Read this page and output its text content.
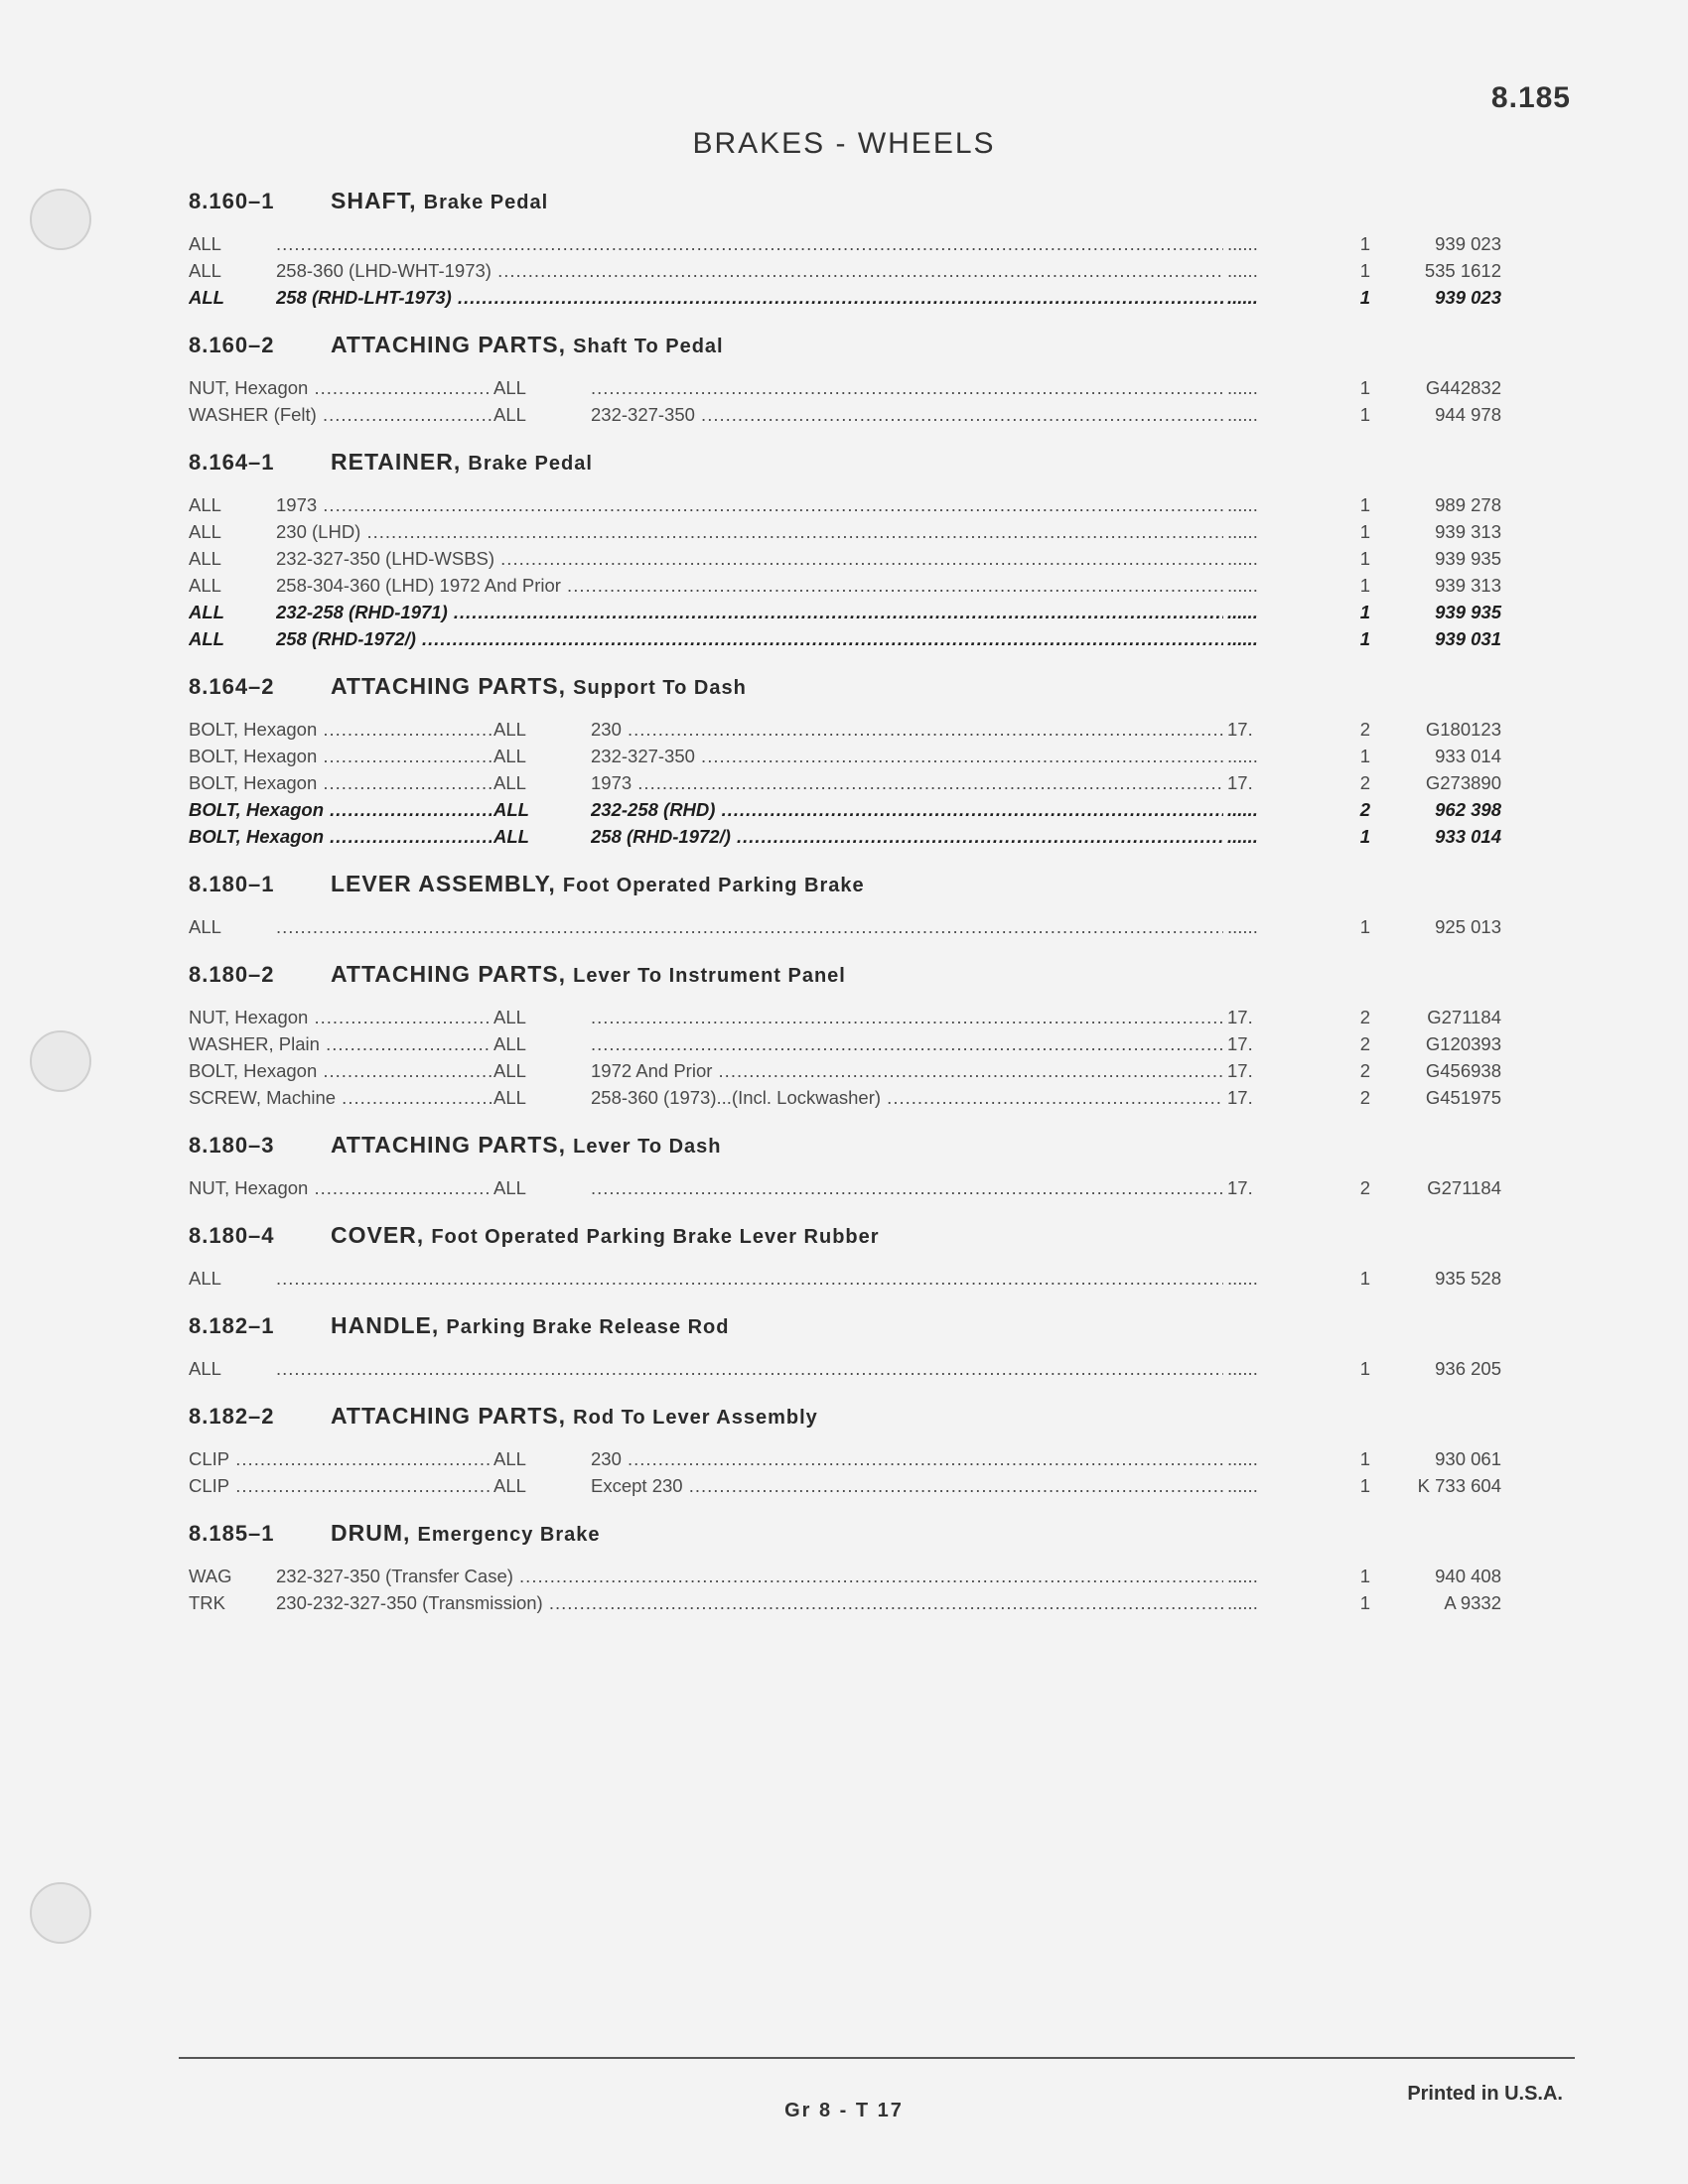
8.185
BRAKES - WHEELS
8.160–1 SHAFT, Brake Pedal
ALL ..... ......	1	939 023
ALL	258-360 (LHD-WHT-1973) ..... ......	1	535 1612
ALL	258 (RHD-LHT-1973) ..... ......	1	939 023
8.160–2 ATTACHING PARTS, Shaft To Pedal
NUT, Hexagon .....	ALL ..... ......	1	G442832
WASHER (Felt) .....	ALL	232-327-350 ..... ......	1	944 978
8.164–1 RETAINER, Brake Pedal
ALL	1973 ..... ......	1	989 278
ALL	230 (LHD) ..... ......	1	939 313
ALL	232-327-350 (LHD-WSBS) ..... ......	1	939 935
ALL	258-304-360 (LHD) 1972 And Prior ..... ......	1	939 313
ALL	232-258 (RHD-1971) ..... ......	1	939 935
ALL	258 (RHD-1972/) ..... ......	1	939 031
8.164–2 ATTACHING PARTS, Support To Dash
BOLT, Hexagon .....	ALL	230 .....	17.	2	G180123
BOLT, Hexagon .....	ALL	232-327-350 ..... ......	1	933 014
BOLT, Hexagon .....	ALL	1973 .....	17.	2	G273890
BOLT, Hexagon .....	ALL	232-258 (RHD) ..... ......	2	962 398
BOLT, Hexagon .....	ALL	258 (RHD-1972/) ..... ......	1	933 014
8.180–1 LEVER ASSEMBLY, Foot Operated Parking Brake
ALL ..... ......	1	925 013
8.180–2 ATTACHING PARTS, Lever To Instrument Panel
NUT, Hexagon .....	ALL .....	17.	2	G271184
WASHER, Plain .....	ALL .....	17.	2	G120393
BOLT, Hexagon .....	ALL	1972 And Prior .....	17.	2	G456938
SCREW, Machine .....	ALL	258-360 (1973)...(Incl. Lockwasher) .....	17.	2	G451975
8.180–3 ATTACHING PARTS, Lever To Dash
NUT, Hexagon .....	ALL .....	17.	2	G271184
8.180–4 COVER, Foot Operated Parking Brake Lever Rubber
ALL ..... ......	1	935 528
8.182–1 HANDLE, Parking Brake Release Rod
ALL ..... ......	1	936 205
8.182–2 ATTACHING PARTS, Rod To Lever Assembly
CLIP .....	ALL	230 ..... ......	1	930 061
CLIP .....	ALL	Except 230 ..... ......	1	K 733 604
8.185–1 DRUM, Emergency Brake
WAG	232-327-350 (Transfer Case) ..... ......	1	940 408
TRK	230-232-327-350 (Transmission) ..... ......	1	A 9332
Printed in U.S.A.
Gr 8 - T 17
